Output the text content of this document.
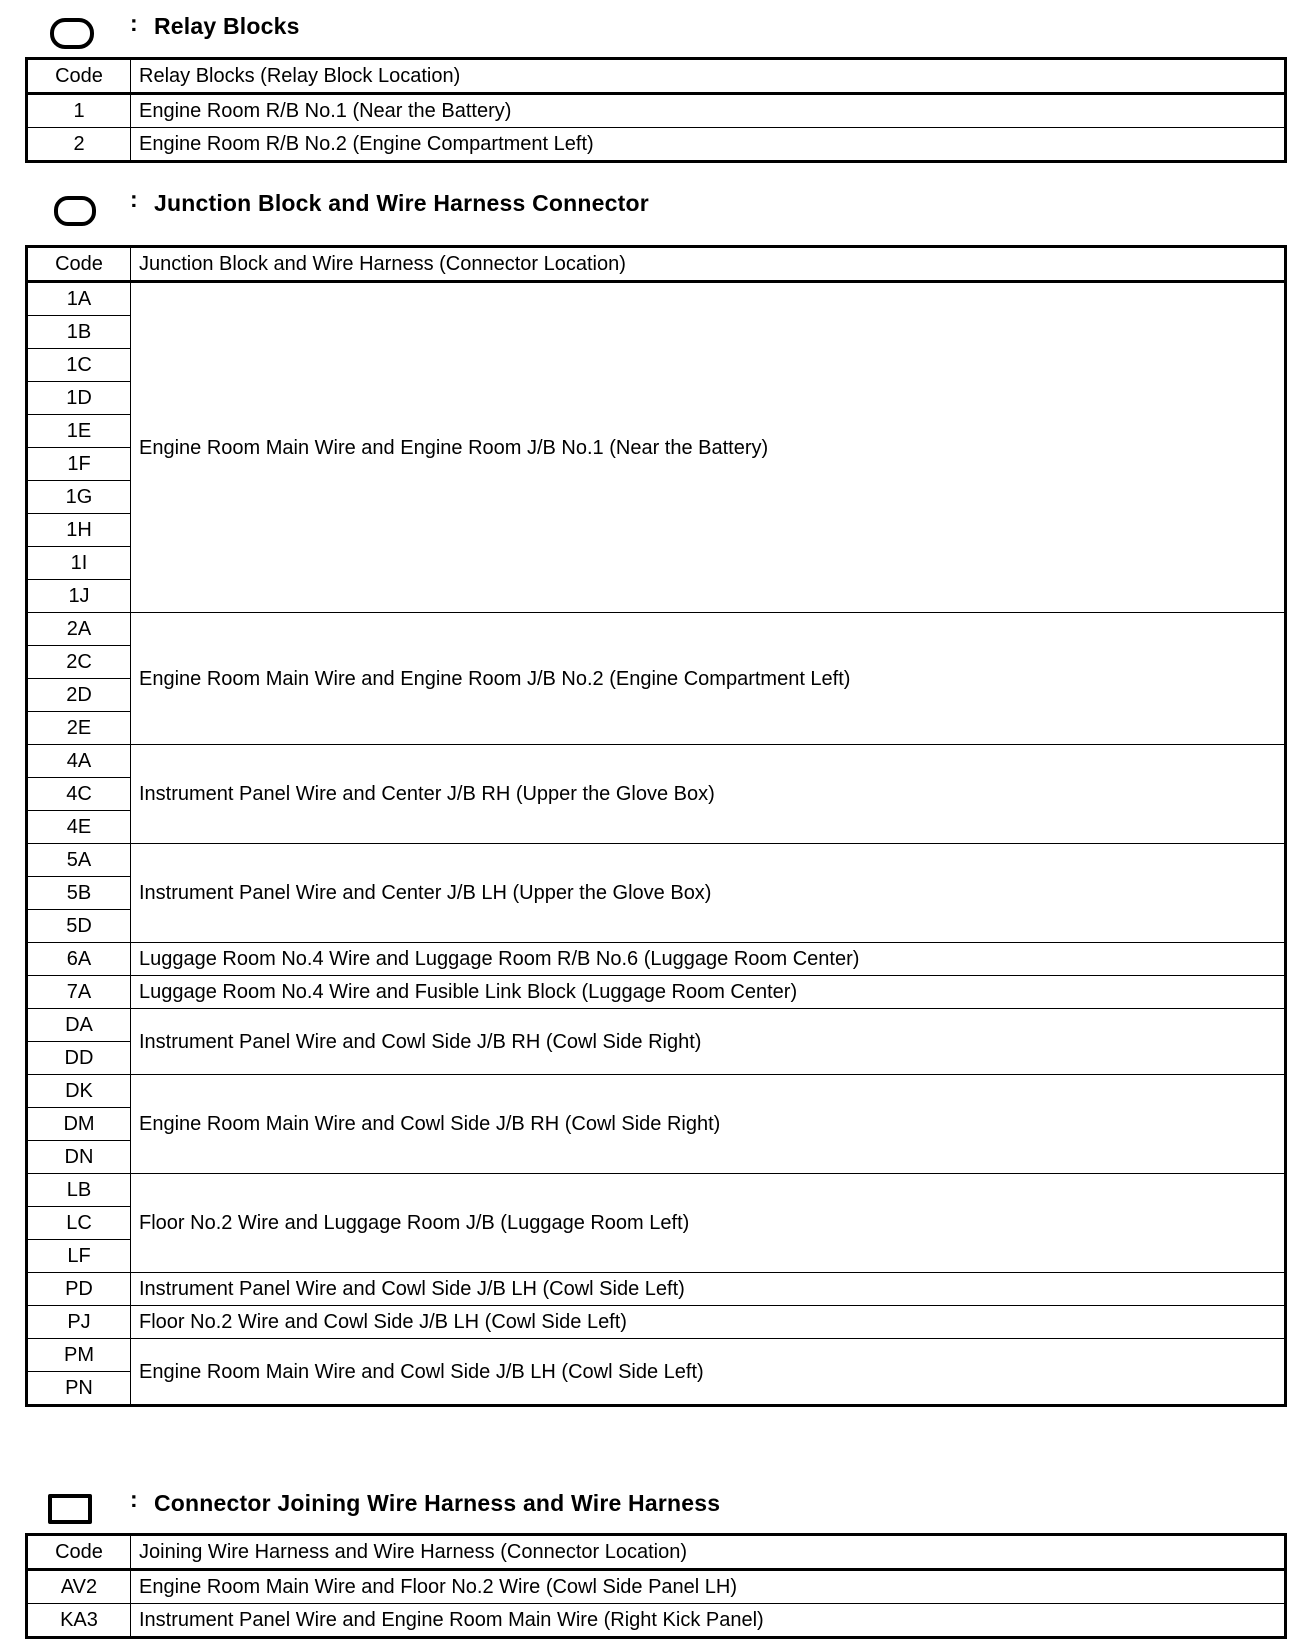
: Relay Blocks
Code	Relay Blocks (Relay Block Location)
1	Engine Room R/B No.1 (Near the Battery)
2	Engine Room R/B No.2 (Engine Compartment Left)
: Junction Block and Wire Harness Connector
Code	Junction Block and Wire Harness (Connector Location)
1A	Engine Room Main Wire and Engine Room J/B No.1 (Near the Battery)
1B	
1C	
1D	
1E	
1F	
1G	
1H	
1I	
1J	
2A	Engine Room Main Wire and Engine Room J/B No.2 (Engine Compartment Left)
2C	
2D	
2E	
4A	Instrument Panel Wire and Center J/B RH (Upper the Glove Box)
4C	
4E	
5A	Instrument Panel Wire and Center J/B LH (Upper the Glove Box)
5B	
5D	
6A	Luggage Room No.4 Wire and Luggage Room R/B No.6 (Luggage Room Center)
7A	Luggage Room No.4 Wire and Fusible Link Block (Luggage Room Center)
DA	Instrument Panel Wire and Cowl Side J/B RH (Cowl Side Right)
DD	
DK	Engine Room Main Wire and Cowl Side J/B RH (Cowl Side Right)
DM	
DN	
LB	Floor No.2 Wire and Luggage Room J/B (Luggage Room Left)
LC	
LF	
PD	Instrument Panel Wire and Cowl Side J/B LH (Cowl Side Left)
PJ	Floor No.2 Wire and Cowl Side J/B LH (Cowl Side Left)
PM	Engine Room Main Wire and Cowl Side J/B LH (Cowl Side Left)
PN	
: Connector Joining Wire Harness and Wire Harness
Code	Joining Wire Harness and Wire Harness (Connector Location)
AV2	Engine Room Main Wire and Floor No.2 Wire (Cowl Side Panel LH)
KA3	Instrument Panel Wire and Engine Room Main Wire (Right Kick Panel)
